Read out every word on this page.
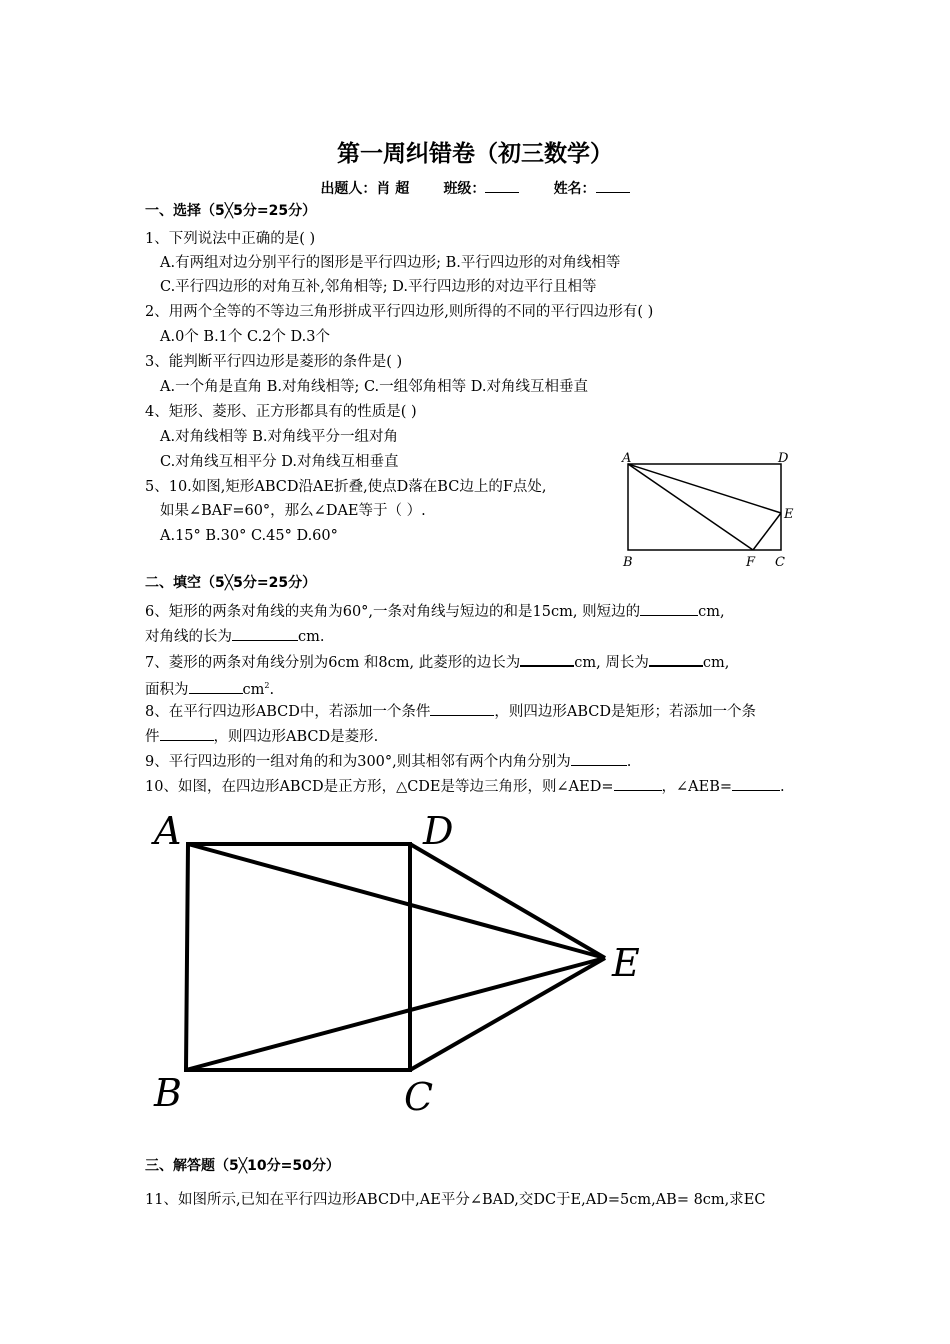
第一周纠错卷（初三数学）
出题人：肖 超 班级：	姓名：
一、选择（5╳5分=25分）
1、下列说法中正确的是( )
A.有两组对边分别平行的图形是平行四边形; B.平行四边形的对角线相等
C.平行四边形的对角互补,邻角相等; D.平行四边形的对边平行且相等
2、用两个全等的不等边三角形拼成平行四边形,则所得的不同的平行四边形有( )
A.0个 B.1个 C.2个 D.3个
3、能判断平行四边形是菱形的条件是( )
A.一个角是直角 B.对角线相等; C.一组邻角相等 D.对角线互相垂直
4、矩形、菱形、正方形都具有的性质是( )
A.对角线相等 B.对角线平分一组对角
C.对角线互相平分 D.对角线互相垂直
5、10.如图,矩形ABCD沿AE折叠,使点D落在BC边上的F点处,
如果∠BAF=60°，那么∠DAE等于（ ）.
A.15° B.30° C.45° D.60°
A	D
E
B	F C
二、填空（5╳5分=25分）
6、矩形的两条对角线的夹角为60°,一条对角线与短边的和是15cm, 则短边的	cm,
对角线的长为	cm.
7、菱形的两条对角线分别为6cm 和8cm, 此菱形的边长为	cm, 周长为	cm,
面积为	$cm^2$.
8、在平行四边形ABCD中，若添加一个条件	，则四边形ABCD是矩形；若添加一个条
件	，则四边形ABCD是菱形.
9、平行四边形的一组对角的和为300°,则其相邻有两个内角分别为	.
10、如图，在四边形ABCD是正方形，△CDE是等边三角形，则∠AED=	，∠AEB=	.
A	D
E
B	C
三、解答题（5╳10分=50分）
11、如图所示,已知在平行四边形ABCD中,AE平分∠BAD,交DC于E,AD=5cm,AB= 8cm,求EC
